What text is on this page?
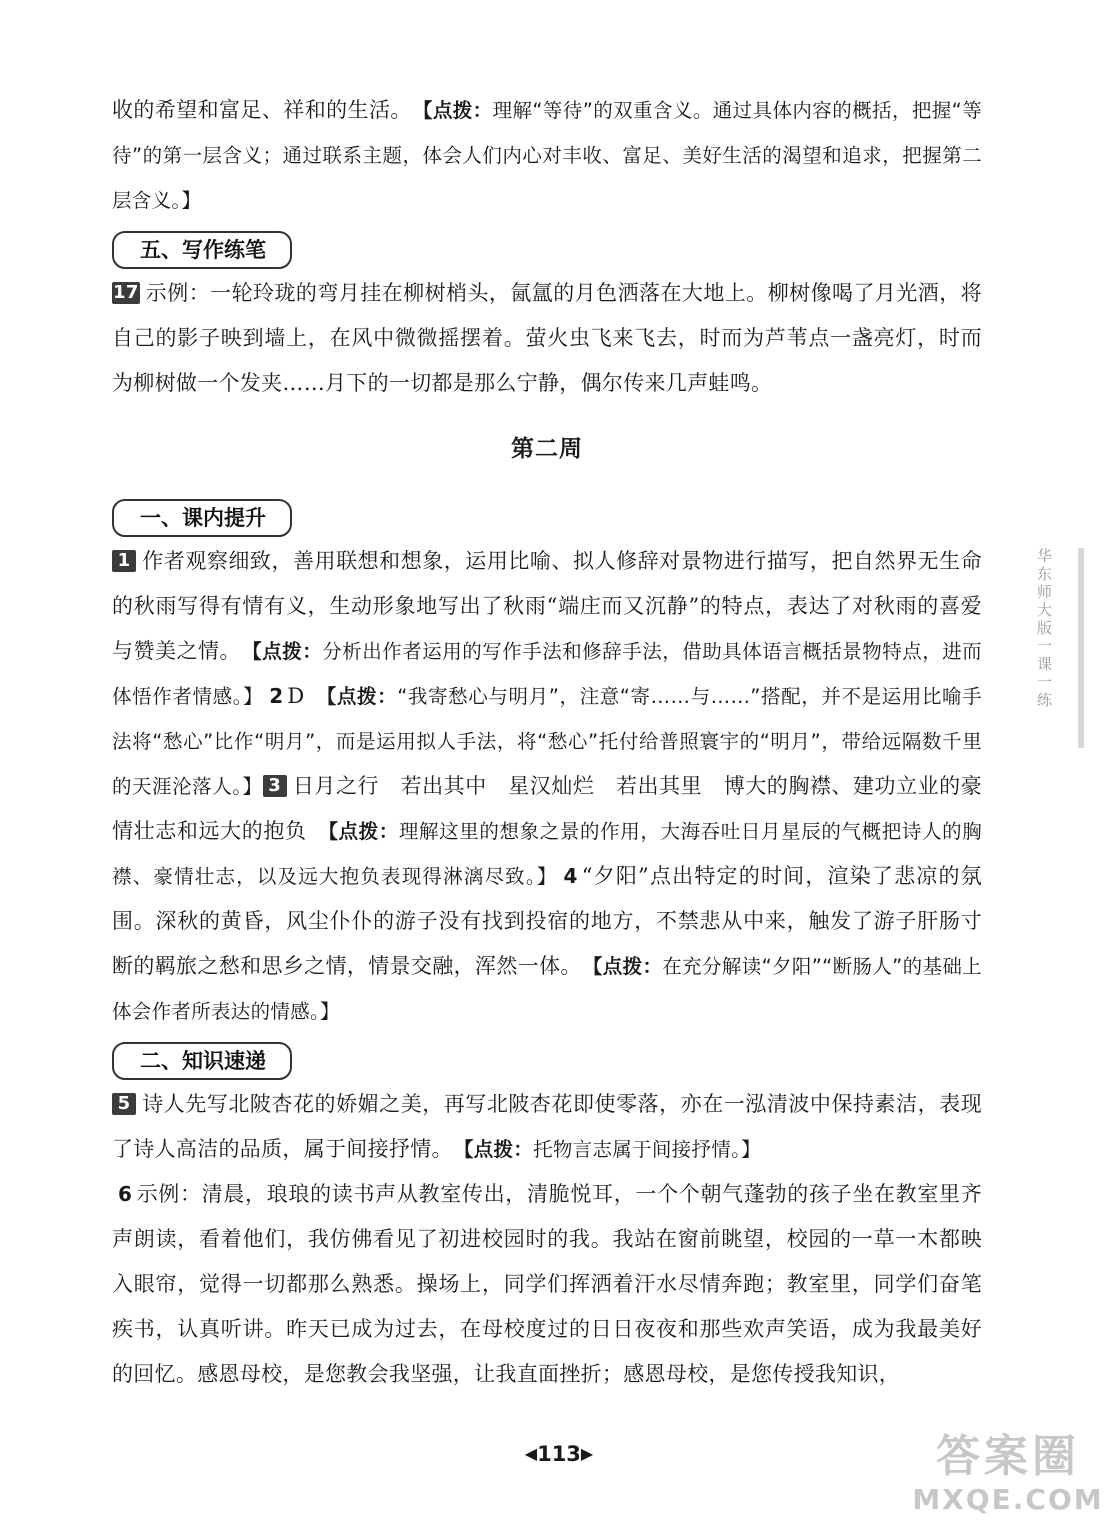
收的希望和富足、祥和的生活。　 【点拨：理解“等待”的双重含义。通过具体内容的概括，把握“等待”的第一层含义；通过联系主题，体会人们内心对丰收、富足、美好生活的渴望和追求，把握第二层含义。】

五、写作练笔

17 示例：一轮玲珑的弯月挂在柳树梢头，氤氲的月色洒落在大地上。柳树像喝了月光酒，将自己的影子映到墙上，在风中微微摇摆着。萤火虫飞来飞去，时而为芦苇点一盏亮灯，时而为柳树做一个发夹……月下的一切都是那么宁静，偶尔传来几声蛙鸣。

第二周
一、课内提升

1 作者观察细致，善用联想和想象，运用比喻、拟人修辞对景物进行描写，把自然界无生命的秋雨写得有情有义，生动形象地写出了秋雨“端庄而又沉静”的特点，表达了对秋雨的喜爱与赞美之情。　 【点拨：分析出作者运用的写作手法和修辞手法，借助具体语言概括景物特点，进而体悟作者情感。】 2 D　 【点拨：“我寄愁心与明月”，注意“寄……与……”搭配，并不是运用比喻手法将“愁心”比作“明月”，而是运用拟人手法，将“愁心”托付给普照寰宇的“明月”，带给远隔数千里的天涯沦落人。】 3 日月之行　若出其中　星汉灿烂　若出其里　博大的胸襟、建功立业的豪情壮志和远大的抱负　 【点拨：理解这里的想象之景的作用，大海吞吐日月星辰的气概把诗人的胸襟、豪情壮志，以及远大抱负表现得淋漓尽致。】 4 “夕阳”点出特定的时间，渲染了悲凉的氛围。深秋的黄昏，风尘仆仆的游子没有找到投宿的地方，不禁悲从中来，触发了游子肝肠寸断的羁旅之愁和思乡之情，情景交融，浑然一体。　 【点拨：在充分解读“夕阳”“断肠人”的基础上体会作者所表达的情感。】

二、知识速递

5 诗人先写北陂杏花的娇媚之美，再写北陂杏花即使零落，亦在一泓清波中保持素洁，表现了诗人高洁的品质，属于间接抒情。　 【点拨：托物言志属于间接抒情。】

6 示例：清晨，琅琅的读书声从教室传出，清脆悦耳，一个个朝气蓬勃的孩子坐在教室里齐声朗读，看着他们，我仿佛看见了初进校园时的我。我站在窗前眺望，校园的一草一木都映入眼帘，觉得一切都那么熟悉。操场上，同学们挥洒着汗水尽情奔跑；教室里，同学们奋笔疾书，认真听讲。昨天已成为过去，在母校度过的日日夜夜和那些欢声笑语，成为我最美好的回忆。感恩母校，是您教会我坚强，让我直面挫折；感恩母校，是您传授我知识，

◀113▶
华东师大版一课一练
答案圈
MXQE.COM
